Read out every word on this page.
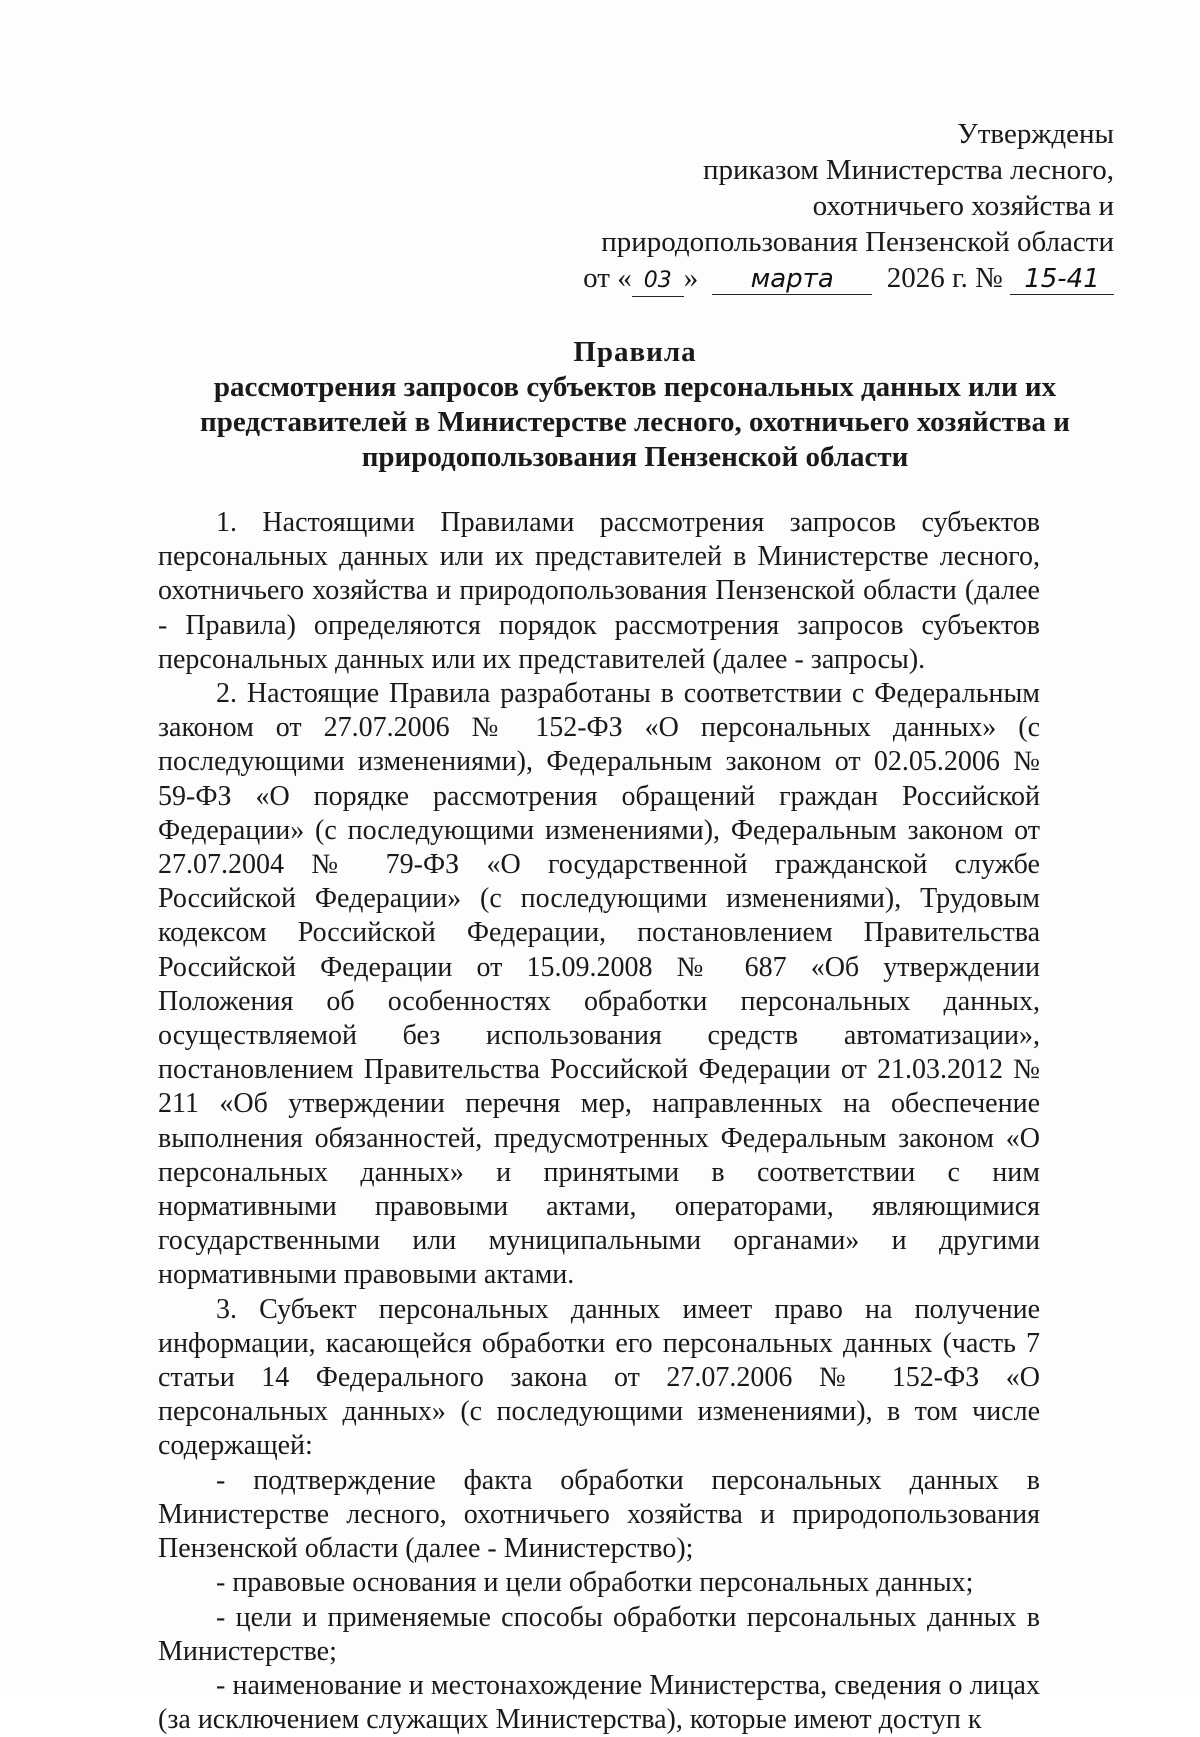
Утверждены
приказом Министерства лесного,
охотничьего хозяйства и
природопользования Пензенской области
от « 03 » марта 2026 г. № 15-41
Правила
рассмотрения запросов субъектов персональных данных или их представителей в Министерстве лесного, охотничьего хозяйства и природопользования Пензенской области

1. Настоящими Правилами рассмотрения запросов субъектов персональных данных или их представителей в Министерстве лесного, охотничьего хозяйства и природопользования Пензенской области (далее - Правила) определяются порядок рассмотрения запросов субъектов персональных данных или их представителей (далее - запросы).

2. Настоящие Правила разработаны в соответствии с Федеральным законом от 27.07.2006 № 152-ФЗ «О персональных данных» (с последующими изменениями), Федеральным законом от 02.05.2006 № 59-ФЗ «О порядке рассмотрения обращений граждан Российской Федерации» (с последующими изменениями), Федеральным законом от 27.07.2004 № 79-ФЗ «О государственной гражданской службе Российской Федерации» (с последующими изменениями), Трудовым кодексом Российской Федерации, постановлением Правительства Российской Федерации от 15.09.2008 № 687 «Об утверждении Положения об особенностях обработки персональных данных, осуществляемой без использования средств автоматизации», постановлением Правительства Российской Федерации от 21.03.2012 № 211 «Об утверждении перечня мер, направленных на обеспечение выполнения обязанностей, предусмотренных Федеральным законом «О персональных данных» и принятыми в соответствии с ним нормативными правовыми актами, операторами, являющимися государственными или муниципальными органами» и другими нормативными правовыми актами.

3. Субъект персональных данных имеет право на получение информации, касающейся обработки его персональных данных (часть 7 статьи 14 Федерального закона от 27.07.2006 № 152-ФЗ «О персональных данных» (с последующими изменениями), в том числе содержащей:

- подтверждение факта обработки персональных данных в Министерстве лесного, охотничьего хозяйства и природопользования Пензенской области (далее - Министерство);

- правовые основания и цели обработки персональных данных;

- цели и применяемые способы обработки персональных данных в Министерстве;

- наименование и местонахождение Министерства, сведения о лицах (за исключением служащих Министерства), которые имеют доступ к
